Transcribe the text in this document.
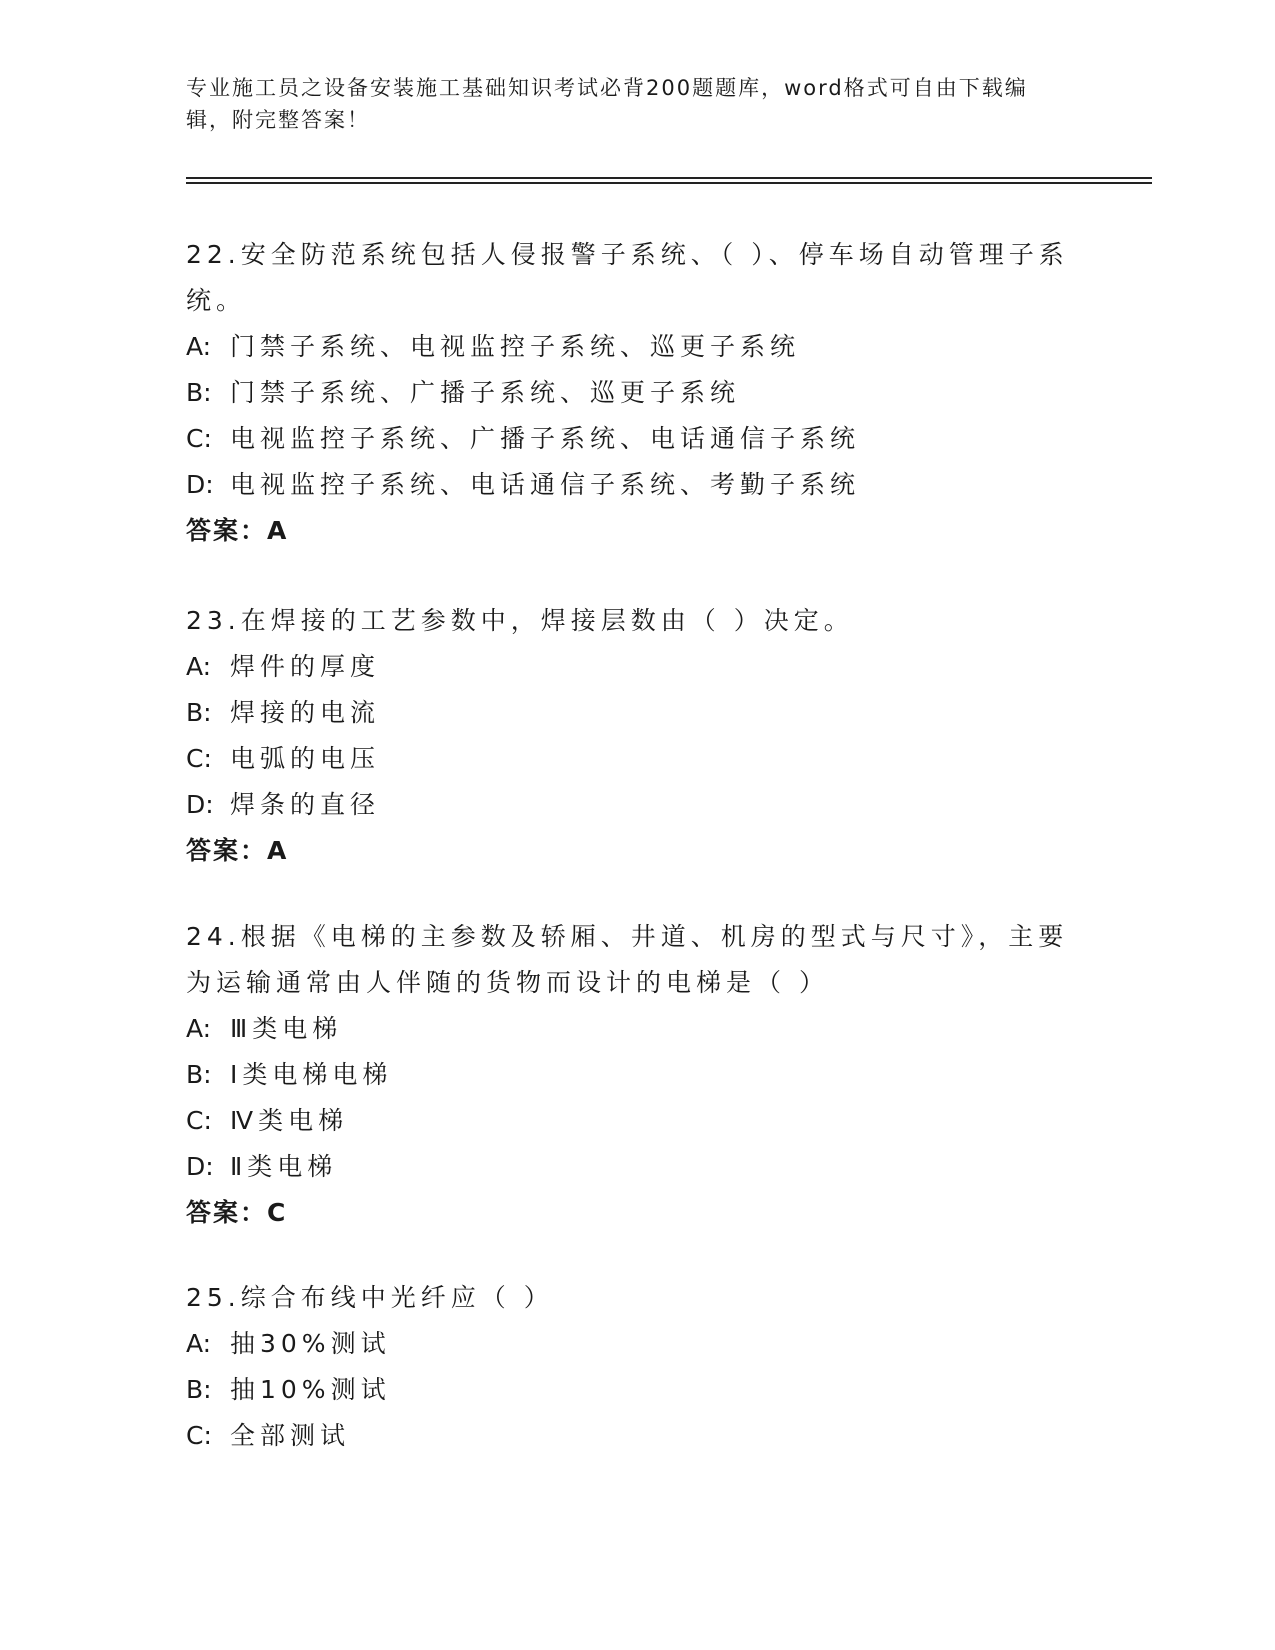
专业施工员之设备安装施工基础知识考试必背200题题库，word格式可自由下载编辑，附完整答案！

22.安全防范系统包括人侵报警子系统、（ ）、停车场自动管理子系统。

A: 门禁子系统、电视监控子系统、巡更子系统

B: 门禁子系统、广播子系统、巡更子系统

C: 电视监控子系统、广播子系统、电话通信子系统

D: 电视监控子系统、电话通信子系统、考勤子系统

答案：A

23.在焊接的工艺参数中，焊接层数由（ ）决定。

A: 焊件的厚度

B: 焊接的电流

C: 电弧的电压

D: 焊条的直径

答案：A

24.根据《电梯的主参数及轿厢、井道、机房的型式与尺寸》，主要为运输通常由人伴随的货物而设计的电梯是（ ）

A: Ⅲ类电梯

B: Ⅰ类电梯电梯

C: Ⅳ类电梯

D: Ⅱ类电梯

答案：C

25.综合布线中光纤应（ ）

A: 抽30%测试

B: 抽10%测试

C: 全部测试
